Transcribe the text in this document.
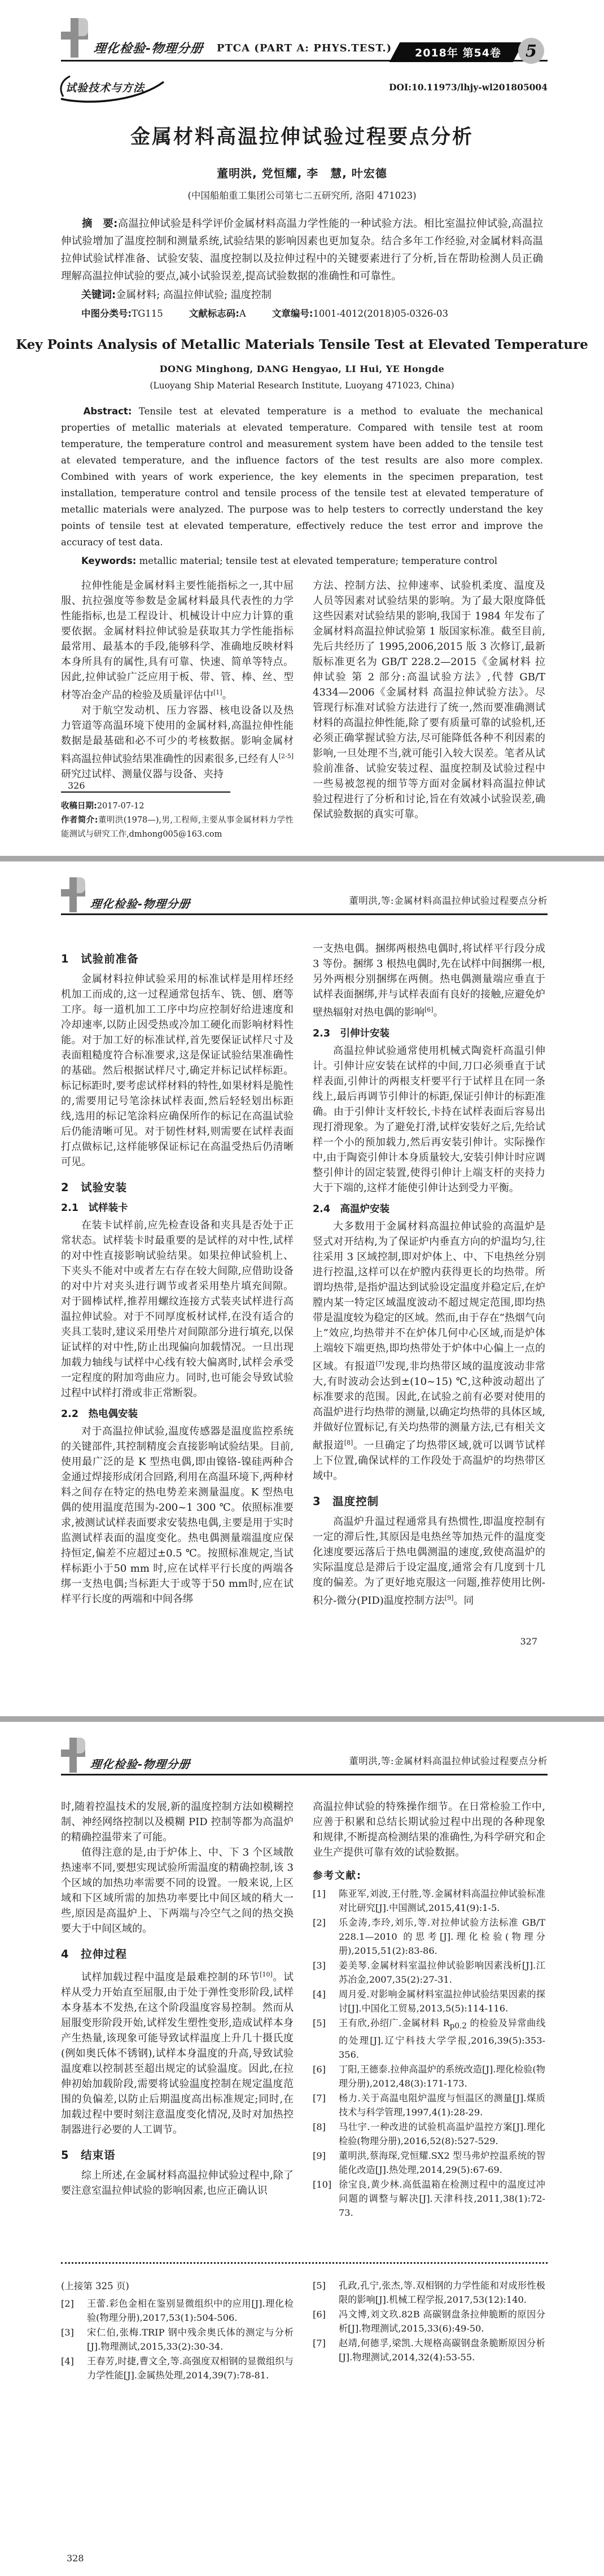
理化检验-物理分册	PTCA (PART A: PHYS.TEST.)	2018年 第54卷	5
试验技术与方法	DOI:10.11973/lhjy-wl201805004
金属材料高温拉伸试验过程要点分析
董明洪, 党恒耀, 李 慧, 叶宏德
(中国船舶重工集团公司第七二五研究所, 洛阳 471023)

摘 要:高温拉伸试验是科学评价金属材料高温力学性能的一种试验方法。相比室温拉伸试验,高温拉伸试验增加了温度控制和测量系统,试验结果的影响因素也更加复杂。结合多年工作经验,对金属材料高温拉伸试验试样准备、试验安装、温度控制以及拉伸过程中的关键要素进行了分析,旨在帮助检测人员正确理解高温拉伸试验的要点,减小试验误差,提高试验数据的准确性和可靠性。

关键词:金属材料; 高温拉伸试验; 温度控制

中图分类号:TG115	文献标志码:A	文章编号:1001-4012(2018)05-0326-03
Key Points Analysis of Metallic Materials Tensile Test at Elevated Temperature
DONG Minghong, DANG Hengyao, LI Hui, YE Hongde
(Luoyang Ship Material Research Institute, Luoyang 471023, China)

Abstract: Tensile test at elevated temperature is a method to evaluate the mechanical properties of metallic materials at elevated temperature. Compared with tensile test at room temperature, the temperature control and measurement system have been added to the tensile test at elevated temperature, and the influence factors of the test results are also more complex. Combined with years of work experience, the key elements in the specimen preparation, test installation, temperature control and tensile process of the tensile test at elevated temperature of metallic materials were analyzed. The purpose was to help testers to correctly understand the key points of tensile test at elevated temperature, effectively reduce the test error and improve the accuracy of test data.

Keywords: metallic material; tensile test at elevated temperature; temperature control

拉伸性能是金属材料主要性能指标之一,其中屈服、抗拉强度等参数是金属材料最具代表性的力学性能指标,也是工程设计、机械设计中应力计算的重要依据。金属材料拉伸试验是获取其力学性能指标最常用、最基本的手段,能够科学、准确地反映材料本身所具有的属性,具有可靠、快速、简单等特点。因此,拉伸试验广泛应用于板、带、管、棒、丝、型材等冶金产品的检验及质量评估中[1]。

对于航空发动机、压力容器、核电设备以及热力管道等高温环境下使用的金属材料,高温拉伸性能数据是最基础和必不可少的考核数据。影响金属材料高温拉伸试验结果准确性的因素很多,已经有人[2-5]研究过试样、测量仪器与设备、夹持

收稿日期:2017-07-12
作者简介:董明洪(1978—),男,工程师,主要从事金属材料力学性能测试与研究工作,dmhong005@163.com

方法、控制方法、拉伸速率、试验机柔度、温度及人员等因素对试验结果的影响。为了最大限度降低这些因素对试验结果的影响,我国于 1984 年发布了金属材料高温拉伸试验第 1 版国家标准。截至目前,先后共经历了 1995,2006,2015 版 3 次修订,最新版标准更名为 GB/T 228.2—2015《金属材料 拉伸试验 第 2 部分:高温试验方法》,代替 GB/T 4334—2006《金属材料 高温拉伸试验方法》。尽管现行标准对试验方法进行了统一,然而要准确测试材料的高温拉伸性能,除了要有质量可靠的试验机,还必须正确掌握试验方法,尽可能降低各种不利因素的影响,一旦处理不当,就可能引入较大误差。笔者从试验前准备、试验安装过程、温度控制及试验过程中一些易被忽视的细节等方面对金属材料高温拉伸试验过程进行了分析和讨论,旨在有效减小试验误差,确保试验数据的真实可靠。

326
理化检验-物理分册	董明洪,等:金属材料高温拉伸试验过程要点分析
1 试验前准备

金属材料拉伸试验采用的标准试样是用样坯经机加工而成的,这一过程通常包括车、铣、刨、磨等工序。每一道机加工工序中均应控制好给进速度和冷却速率,以防止因受热或冷加工硬化而影响材料性能。对于加工好的标准试样,首先要保证试样尺寸及表面粗糙度符合标准要求,这是保证试验结果准确性的基础。然后根据试样尺寸,确定并标记试样标距。标记标距时,要考虑试样材料的特性,如果材料是脆性的,需要用记号笔涂抹试样表面,然后轻轻划出标距线,选用的标记笔涂料应确保所作的标记在高温试验后仍能清晰可见。对于韧性材料,则需要在试样表面打点做标记,这样能够保证标记在高温受热后仍清晰可见。

2 试验安装
2.1 试样装卡

在装卡试样前,应先检查设备和夹具是否处于正常状态。试样装卡时最重要的是试样的对中性,试样的对中性直接影响试验结果。如果拉伸试验机上、下夹头不能对中或者左右存在较大间隙,应借助设备的对中片对夹头进行调节或者采用垫片填充间隙。对于圆棒试样,推荐用螺纹连接方式装夹试样进行高温拉伸试验。对于不同厚度板材试样,在没有适合的夹具工装时,建议采用垫片对间隙部分进行填充,以保证试样的对中性,防止出现偏向加载情况。一旦出现加载力轴线与试样中心线有较大偏离时,试样会承受一定程度的附加弯曲应力。同时,也可能会导致试验过程中试样打滑或非正常断裂。

2.2 热电偶安装

对于高温拉伸试验,温度传感器是温度监控系统的关键部件,其控制精度会直接影响试验结果。目前,使用最广泛的是 K 型热电偶,即由镍铬-镍硅两种合金通过焊接形成闭合回路,利用在高温环境下,两种材料之间存在特定的热电势差来测量温度。K 型热电偶的使用温度范围为-200~1 300 ℃。依照标准要求,被测试试样表面要求安装热电偶,主要是用于实时监测试样表面的温度变化。热电偶测量端温度应保持恒定,偏差不应超过±0.5 ℃。按照标准规定,当试样标距小于50 mm 时,应在试样平行长度的两端各绑一支热电偶;当标距大于或等于50 mm时,应在试样平行长度的两端和中间各绑

一支热电偶。捆绑两根热电偶时,将试样平行段分成 3 等份。捆绑 3 根热电偶时,先在试样中间捆绑一根,另外两根分别捆绑在两侧。热电偶测量端应垂直于试样表面捆绑,并与试样表面有良好的接触,应避免炉壁热辐射对热电偶的影响[6]。

2.3 引伸计安装

高温拉伸试验通常使用机械式陶瓷杆高温引伸计。引伸计应安装在试样的中间,刀口必须垂直于试样表面,引伸计的两根支杆要平行于试样且在同一条线上,最后再调节引伸计的标距,保证引伸计的标距准确。由于引伸计支杆较长,卡持在试样表面后容易出现打滑现象。为了避免打滑,试样安装好之后,先给试样一个小的预加载力,然后再安装引伸计。实际操作中,由于陶瓷引伸计本身质量较大,安装引伸计时应调整引伸计的固定装置,使得引伸计上端支杆的夹持力大于下端的,这样才能使引伸计达到受力平衡。

2.4 高温炉安装

大多数用于金属材料高温拉伸试验的高温炉是竖式对开结构,为了保证炉内垂直方向的炉温均匀,往往采用 3 区域控制,即对炉体上、中、下电热丝分别进行控温,这样可以在炉膛内获得更长的均热带。所谓均热带,是指炉温达到试验设定温度并稳定后,在炉膛内某一特定区域温度波动不超过规定范围,即均热带是温度较为稳定的区域。然而,由于存在“热烟气向上”效应,均热带并不在炉体几何中心区域,而是炉体上端较下端更热,即均热带处于炉体中心偏上一点的区域。有报道[7]发现,非均热带区域的温度波动非常大,有时波动会达到±(10~15) ℃,这种波动超出了标准要求的范围。因此,在试验之前有必要对使用的高温炉进行均热带的测量,以确定均热带的具体区域,并做好位置标记,有关均热带的测量方法,已有相关文献报道[8]。一旦确定了均热带区域,就可以调节试样上下位置,确保试样的工作段处于高温炉的均热带区域中。

3 温度控制

高温炉升温过程通常具有热惯性,即温度控制有一定的滞后性,其原因是电热丝等加热元件的温度变化速度要远落后于热电偶测温的速度,致使高温炉的实际温度总是滞后于设定温度,通常会有几度到十几度的偏差。为了更好地克服这一问题,推荐使用比例-积分-微分(PID)温度控制方法[9]。同

327
理化检验-物理分册	董明洪,等:金属材料高温拉伸试验过程要点分析

时,随着控温技术的发展,新的温度控制方法如模糊控制、神经网络控制以及模糊 PID 控制等都为高温炉的精确控温带来了可能。

值得注意的是,由于炉体上、中、下 3 个区域散热速率不同,要想实现试验所需温度的精确控制,该 3 个区域的加热功率需要不同的设置。一般来说,上区域和下区域所需的加热功率要比中间区域的稍大一些,原因是高温炉上、下两端与冷空气之间的热交换要大于中间区域的。

4 拉伸过程

试样加载过程中温度是最难控制的环节[10]。试样从受力开始直至屈服,由于处于弹性变形阶段,试样本身基本不发热,在这个阶段温度容易控制。然而从屈服变形阶段开始,试样发生塑性变形,造成试样本身产生热量,该现象可能导致试样温度上升几十摄氏度(例如奥氏体不锈钢),试样本身温度的升高,导致试验温度难以控制甚至超出规定的试验温度。因此,在拉伸初始加载阶段,需要将试验温度控制在规定温度范围的负偏差,以防止后期温度高出标准规定;同时,在加载过程中要时刻注意温度变化情况,及时对加热控制器进行必要的人工调节。

5 结束语

综上所述,在金属材料高温拉伸试验过程中,除了要注意室温拉伸试验的影响因素,也应正确认识

高温拉伸试验的特殊操作细节。在日常检验工作中,应善于积累和总结长期试验过程中出现的各种现象和规律,不断提高检测结果的准确性,为科学研究和企业生产提供可靠有效的试验数据。

参考文献:

[1]	陈亚军,刘波,王付胜,等.金属材料高温拉伸试验标准对比研究[J].中国测试,2015,41(9):1-5.
[2]	乐金涛,李玲,刘乐,等.对拉伸试验方法标准 GB/T 228.1—2010 的思考[J].理化检验(物理分册),2015,51(2):83-86.
[3]	姜美琴.金属材料室温拉伸试验影响因素浅析[J].江苏冶金,2007,35(2):27-31.
[4]	周月爱.对影响金属材料室温拉伸试验结果因素的探讨[J].中国化工贸易,2013,5(5):114-116.
[5]	王有欣,孙绍广.金属材料 $R_{p0.2}$ 的检验及异常曲线的处理[J].辽宁科技大学学报,2016,39(5):353-356.
[6]	丁阳,王德泰.拉伸高温炉的系统改造[J].理化检验(物理分册),2012,48(3):171-173.
[7]	杨力.关于高温电阻炉温度与恒温区的测量[J].煤质技术与科学管理,1997,4(1):28-29.
[8]	马壮宇.一种改进的试验机高温炉温控方案[J].理化检验(物理分册),2016,52(8):527-529.
[9]	董明洪,蔡海琛,党恒耀.SX2 型马弗炉控温系统的智能化改造[J].热处理,2014,29(5):67-69.
[10] 徐宝良,黄少林.高低温箱在检测过程中的温度过冲问题的调整与解决[J].天津科技,2011,38(1):72-73.

(上接第 325 页)

[2]	王蕾.彩色金相在鉴别显微组织中的应用[J].理化检验(物理分册),2017,53(1):504-506.
[3]	宋仁伯,张梅.TRIP 钢中残余奥氏体的测定与分析[J].物理测试,2015,33(2):30-34.
[4]	王春芳,时捷,曹文全,等.高强度双相钢的显微组织与力学性能[J].金属热处理,2014,39(7):78-81.
[5]	孔政,孔宁,张杰,等.双相钢的力学性能和对成形性极限的影响[J].机械工程学报,2017,53(12):140.
[6]	冯文博,刘文玖.82B 高碳钢盘条拉伸脆断的原因分析[J].物理测试,2015,33(6):49-50.
[7]	赵靖,何德孚,梁凯.大规格高碳钢盘条脆断原因分析[J].物理测试,2014,32(4):53-55.
328
